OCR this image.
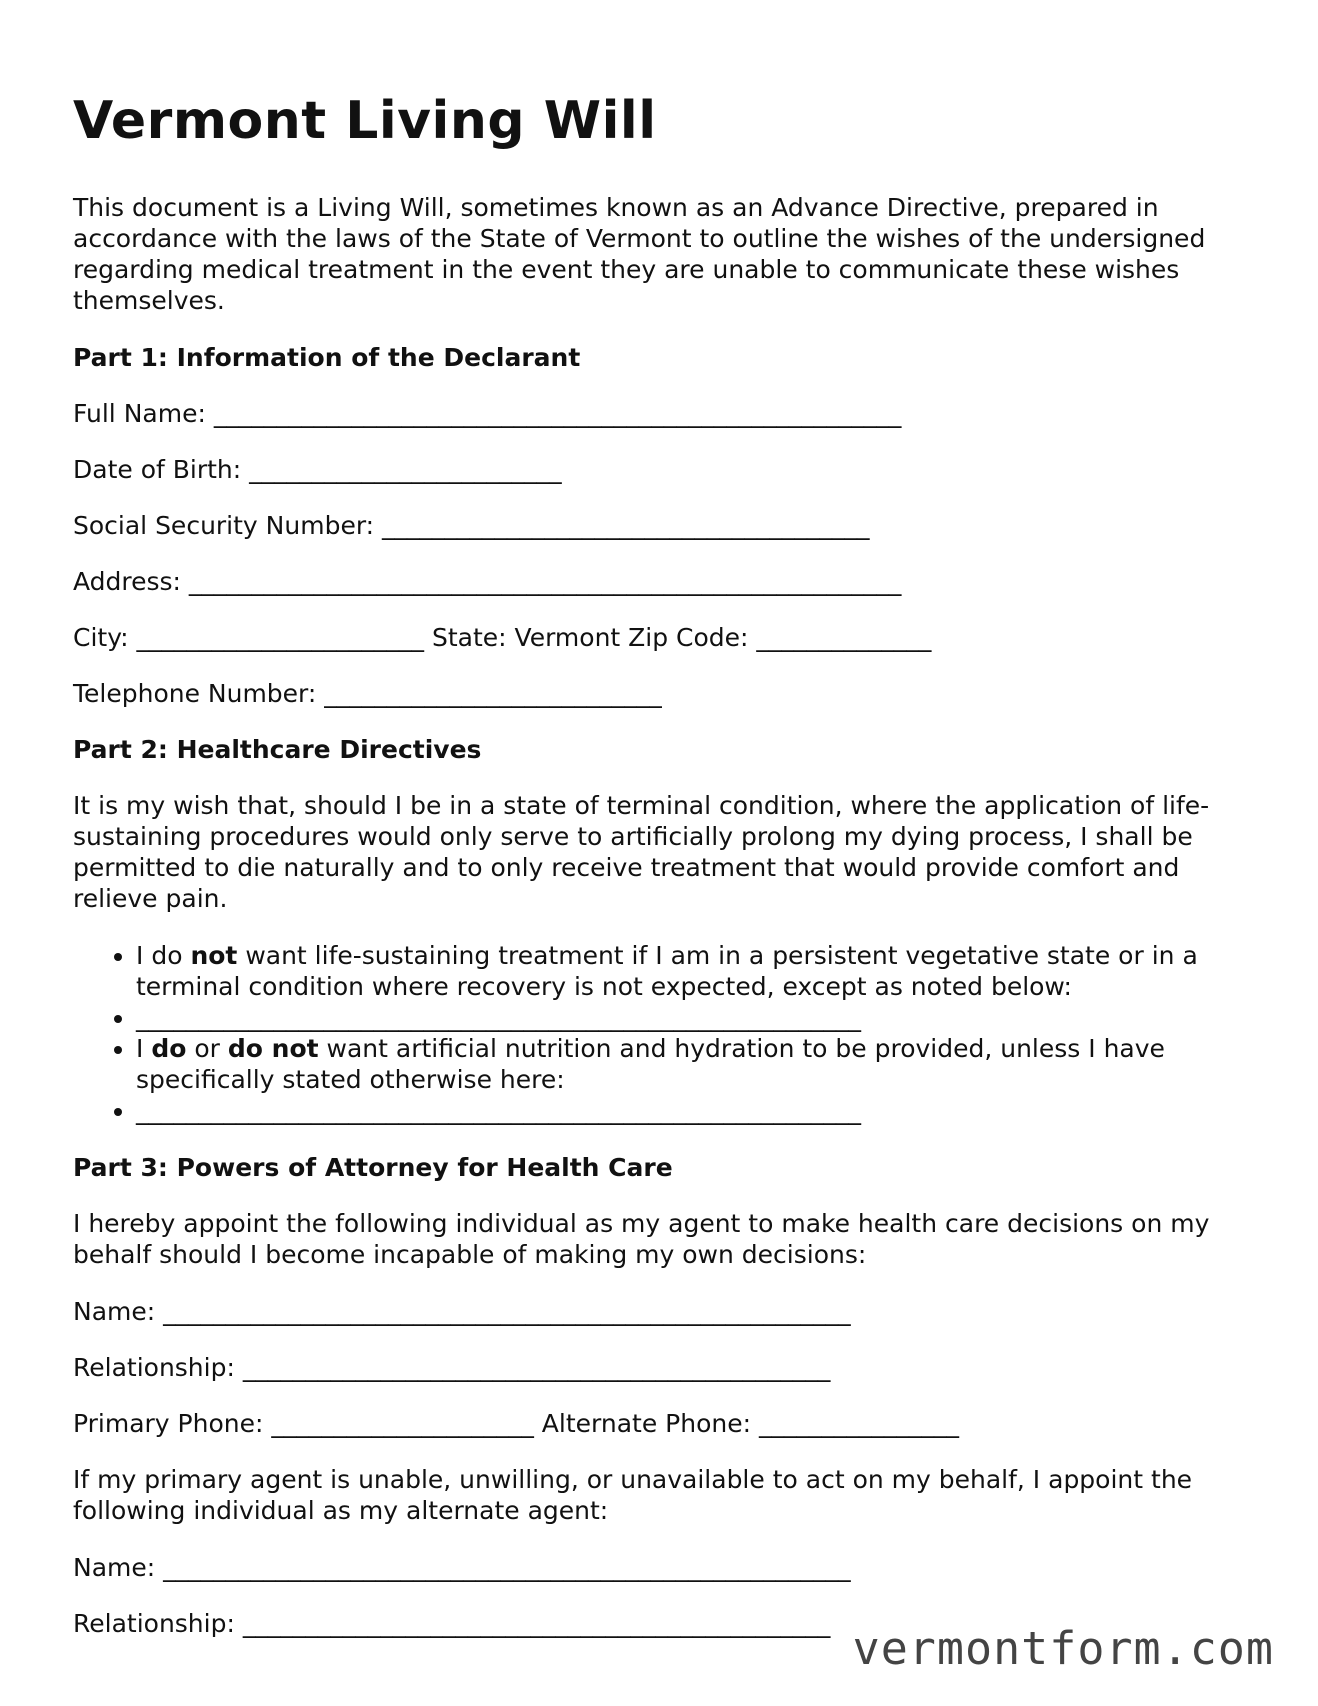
Vermont Living Will

This document is a Living Will, sometimes known as an Advance Directive, prepared in accordance with the laws of the State of Vermont to outline the wishes of the undersigned regarding medical treatment in the event they are unable to communicate these wishes themselves.

Part 1: Information of the Declarant
Full Name: _______________________________________________________
Date of Birth: _________________________
Social Security Number: _______________________________________
Address: _________________________________________________________
City: _______________________ State: Vermont Zip Code: ______________
Telephone Number: ___________________________
Part 2: Healthcare Directives

It is my wish that, should I be in a state of terminal condition, where the application of life-sustaining procedures would only serve to artificially prolong my dying process, I shall be permitted to die naturally and to only receive treatment that would provide comfort and relieve pain.

• I do not want life-sustaining treatment if I am in a persistent vegetative state or in a terminal condition where recovery is not expected, except as noted below:
• __________________________________________________________
• I do or do not want artificial nutrition and hydration to be provided, unless I have specifically stated otherwise here:
• __________________________________________________________
Part 3: Powers of Attorney for Health Care

I hereby appoint the following individual as my agent to make health care decisions on my behalf should I become incapable of making my own decisions:

Name: _______________________________________________________
Relationship: _______________________________________________
Primary Phone: _____________________ Alternate Phone: ________________

If my primary agent is unable, unwilling, or unavailable to act on my behalf, I appoint the following individual as my alternate agent:

Name: _______________________________________________________
Relationship: _______________________________________________ vermontform.com
